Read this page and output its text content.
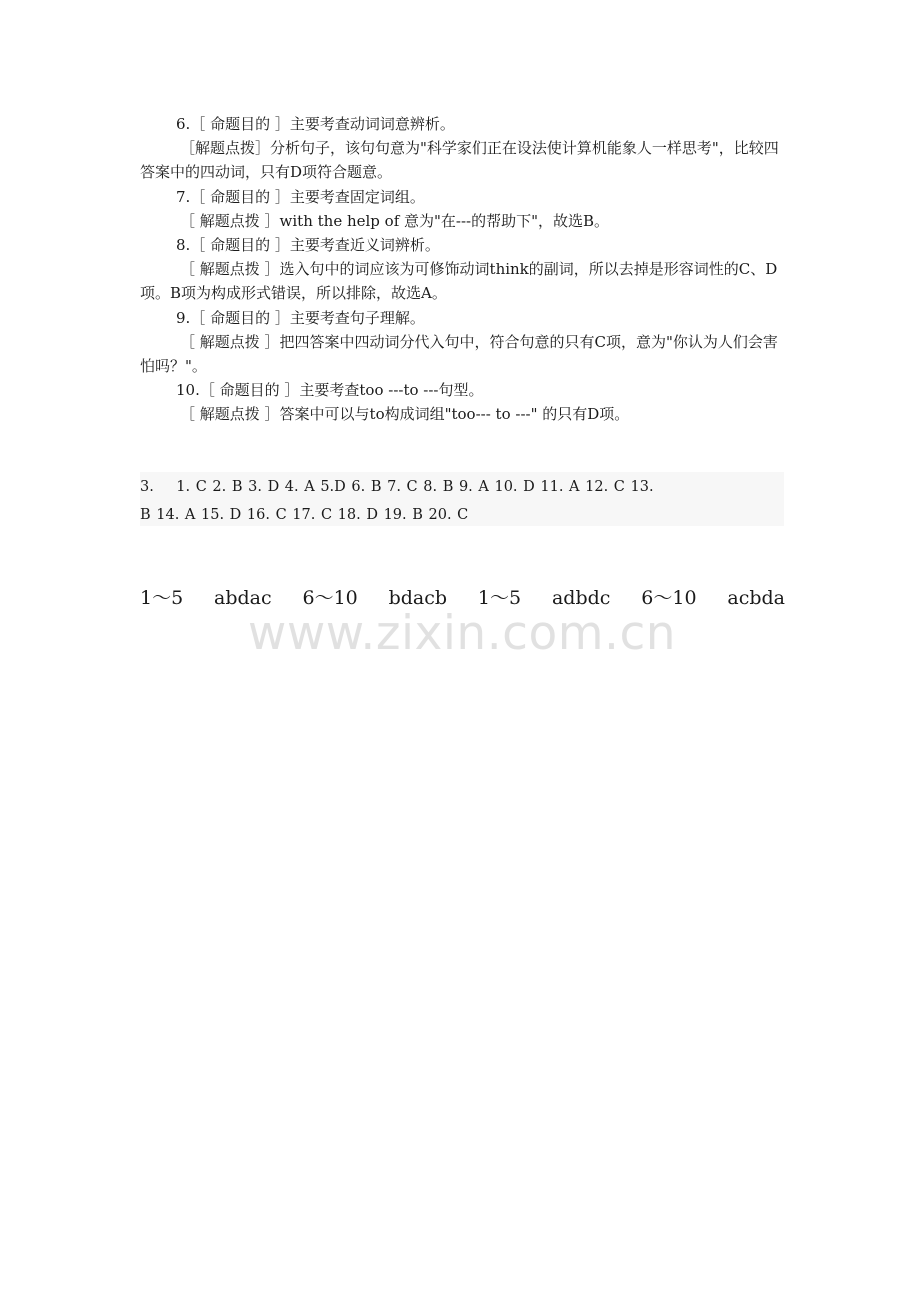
6.［ 命题目的 ］主要考查动词词意辨析。

［解题点拨］分析句子，该句句意为"科学家们正在设法使计算机能象人一样思考"，比较四答案中的四动词，只有D项符合题意。

7.［ 命题目的 ］主要考查固定词组。

［ 解题点拨 ］with the help of 意为"在---的帮助下"，故选B。

8.［ 命题目的 ］主要考查近义词辨析。

［ 解题点拨 ］选入句中的词应该为可修饰动词think的副词，所以去掉是形容词性的C、D项。B项为构成形式错误，所以排除，故选A。

9.［ 命题目的 ］主要考查句子理解。

［ 解题点拨 ］把四答案中四动词分代入句中，符合句意的只有C项，意为"你认为人们会害怕吗？"。

10.［ 命题目的 ］主要考查too ---to ---句型。

［ 解题点拨 ］答案中可以与to构成词组"too--- to ---" 的只有D项。

3.    1. C 2. B 3. D 4. A 5.D 6. B 7. C 8. B 9. A 10. D 11. A 12. C 13.

B 14. A 15. D 16. C 17. C 18. D 19. B 20. C

1～5 abdac 6～10 bdacb 1～5 adbdc 6～10 acbda
www.zixin.com.cn
